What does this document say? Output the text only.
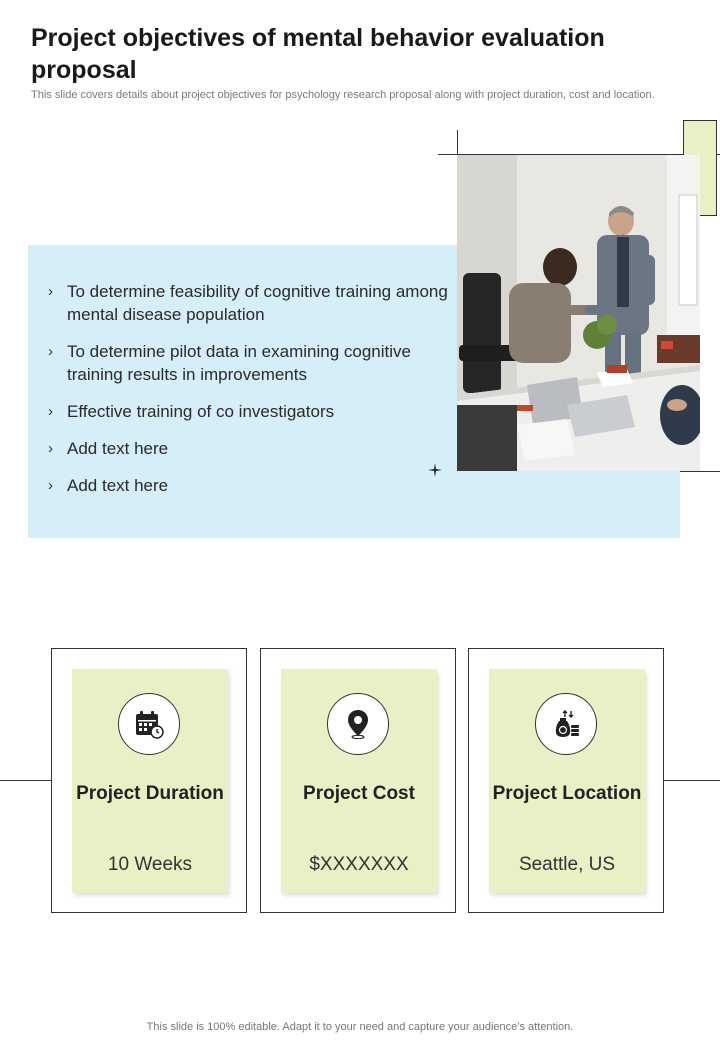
Project objectives of mental behavior evaluation proposal

This slide covers details about project objectives for psychology research proposal along with project duration, cost and location.

› To determine feasibility of cognitive training among mental disease population
› To determine pilot data in examining cognitive training results in improvements
› Effective training of co investigators
› Add text here
› Add text here
Project Duration
10 Weeks
Project Cost
$XXXXXXX
Project Location
Seattle, US
This slide is 100% editable. Adapt it to your need and capture your audience’s attention.
